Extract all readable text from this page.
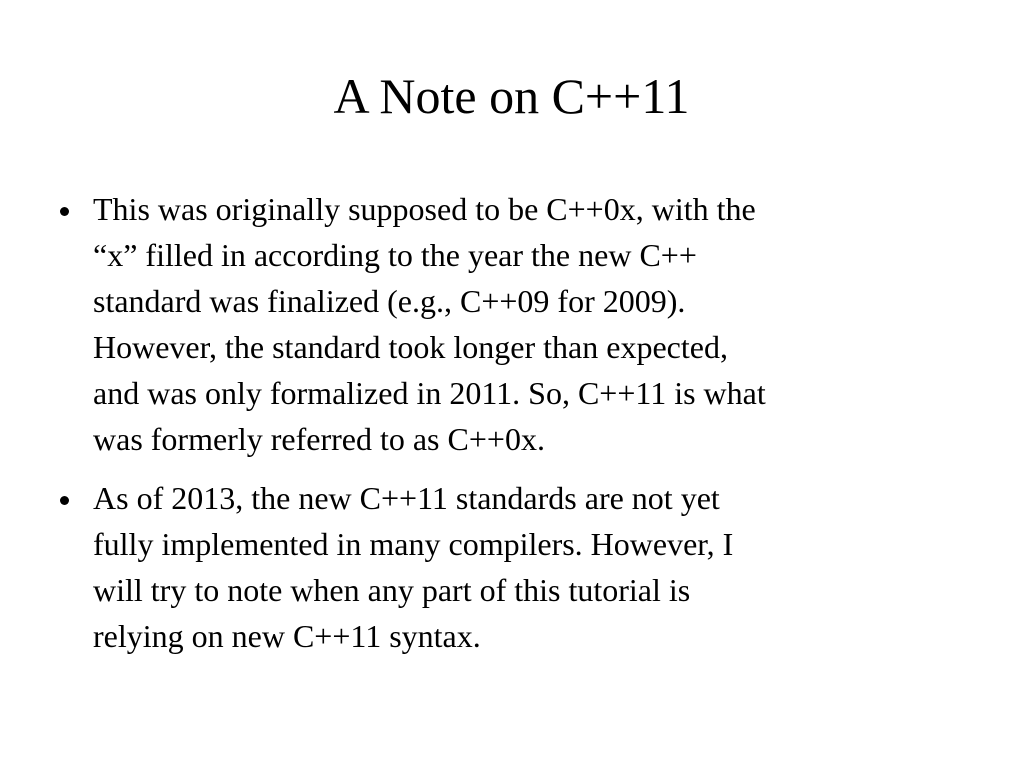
A Note on C++11
This was originally supposed to be C++0x, with the
“x” filled in according to the year the new C++
standard was finalized (e.g., C++09 for 2009).
However, the standard took longer than expected,
and was only formalized in 2011. So, C++11 is what
was formerly referred to as C++0x.
As of 2013, the new C++11 standards are not yet
fully implemented in many compilers. However, I
will try to note when any part of this tutorial is
relying on new C++11 syntax.
